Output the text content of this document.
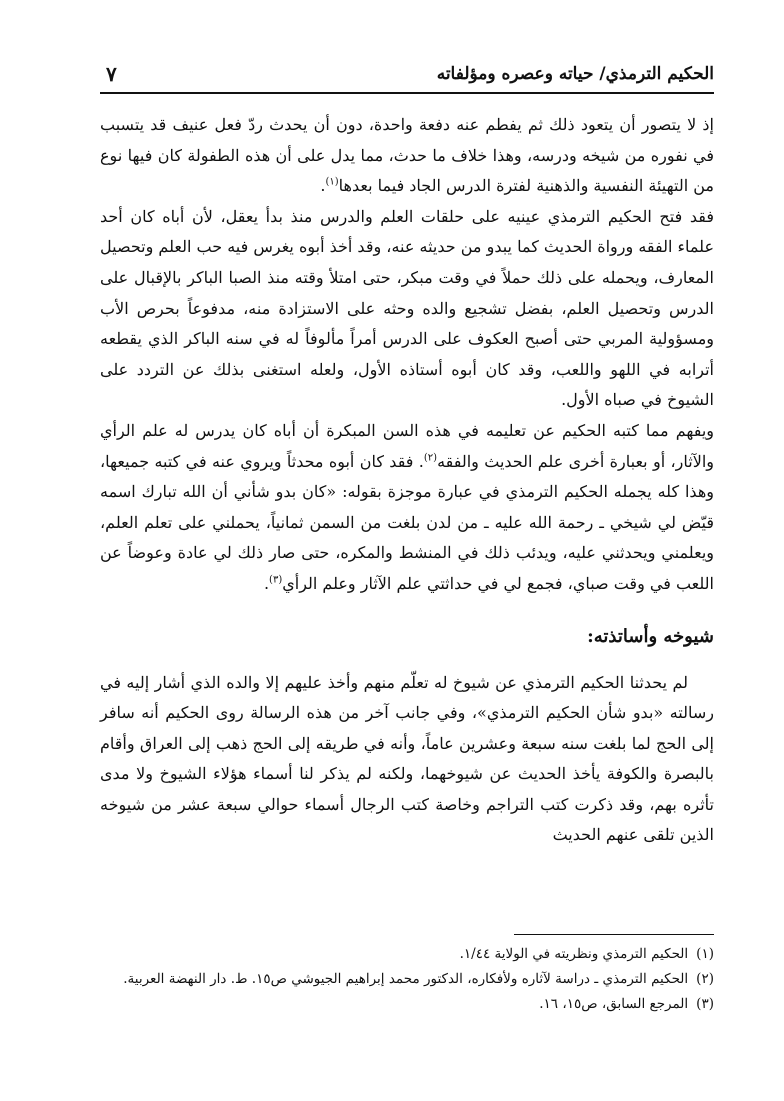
الحكيم الترمذي/ حياته وعصره ومؤلفاته
٧

إذ لا يتصور أن يتعود ذلك ثم يفطم عنه دفعة واحدة، دون أن يحدث ردّ فعل عنيف قد يتسبب في نفوره من شيخه ودرسه، وهذا خلاف ما حدث، مما يدل على أن هذه الطفولة كان فيها نوع من التهيئة النفسية والذهنية لفترة الدرس الجاد فيما بعدها$^{(١)}$.

فقد فتح الحكيم الترمذي عينيه على حلقات العلم والدرس منذ بدأ يعقل، لأن أباه كان أحد علماء الفقه ورواة الحديث كما يبدو من حديثه عنه، وقد أخذ أبوه يغرس فيه حب العلم وتحصيل المعارف، ويحمله على ذلك حملاً في وقت مبكر، حتى امتلأ وقته منذ الصبا الباكر بالإقبال على الدرس وتحصيل العلم، بفضل تشجيع والده وحثه على الاستزادة منه، مدفوعاً بحرص الأب ومسؤولية المربي حتى أصبح العكوف على الدرس أمراً مألوفاً له في سنه الباكر الذي يقطعه أترابه في اللهو واللعب، وقد كان أبوه أستاذه الأول، ولعله استغنى بذلك عن التردد على الشيوخ في صباه الأول.

ويفهم مما كتبه الحكيم عن تعليمه في هذه السن المبكرة أن أباه كان يدرس له علم الرأي والآثار، أو بعبارة أخرى علم الحديث والفقه$^{(٢)}$. فقد كان أبوه محدثاً ويروي عنه في كتبه جميعها، وهذا كله يجمله الحكيم الترمذي في عبارة موجزة بقوله: «كان بدو شأني أن الله تبارك اسمه قيّض لي شيخي ـ رحمة الله عليه ـ من لدن بلغت من السمن ثمانياً، يحملني على تعلم العلم، ويعلمني ويحدثني عليه، ويدئب ذلك في المنشط والمكره، حتى صار ذلك لي عادة وعوضاً عن اللعب في وقت صباي، فجمع لي في حداثتي علم الآثار وعلم الرأي$^{(٣)}$.

شيوخه وأساتذته:

لم يحدثنا الحكيم الترمذي عن شيوخ له تعلّم منهم وأخذ عليهم إلا والده الذي أشار إليه في رسالته «بدو شأن الحكيم الترمذي»، وفي جانب آخر من هذه الرسالة روى الحكيم أنه سافر إلى الحج لما بلغت سنه سبعة وعشرين عاماً، وأنه في طريقه إلى الحج ذهب إلى العراق وأقام بالبصرة والكوفة يأخذ الحديث عن شيوخهما، ولكنه لم يذكر لنا أسماء هؤلاء الشيوخ ولا مدى تأثره بهم، وقد ذكرت كتب التراجم وخاصة كتب الرجال أسماء حوالي سبعة عشر من شيوخه الذين تلقى عنهم الحديث

(١)
الحكيم الترمذي ونظريته في الولاية ١/٤٤.
(٢)
الحكيم الترمذي ـ دراسة لآثاره ولأفكاره، الدكتور محمد إبراهيم الجيوشي ص١٥. ط. دار النهضة العربية.
(٣)
المرجع السابق، ص١٥، ١٦.
